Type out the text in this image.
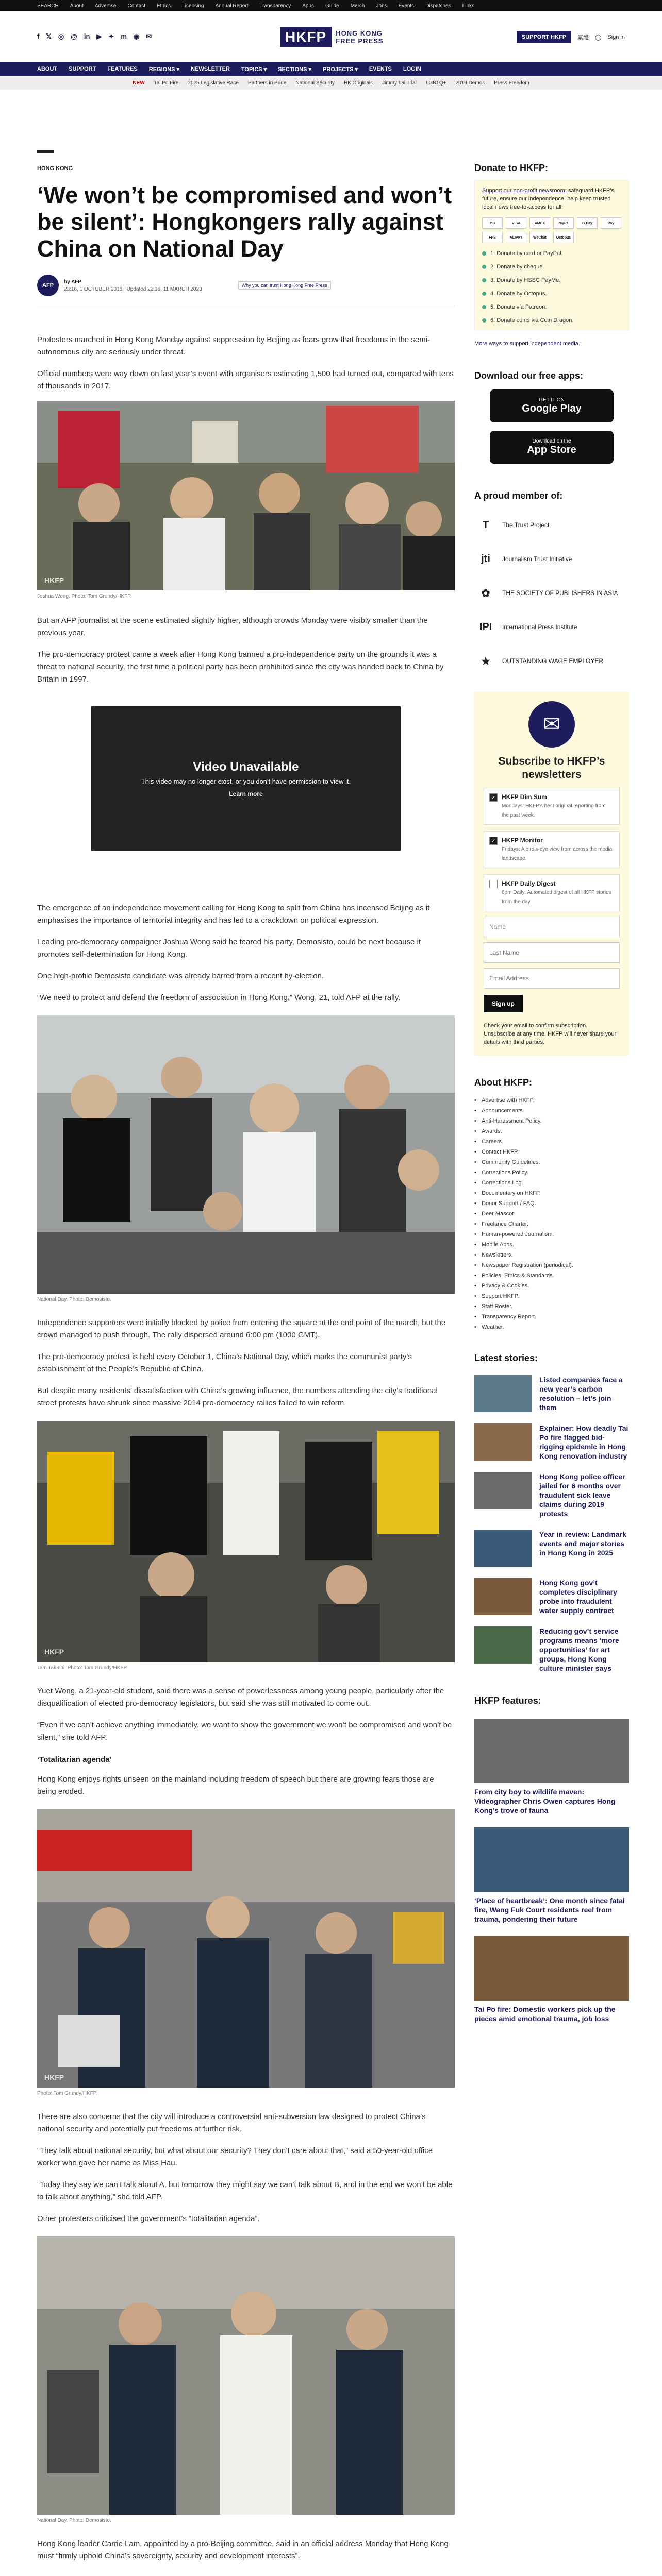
SEARCH About Advertise Contact Ethics Licensing Annual Report Transparency Apps Guide Merch Jobs Events Dispatches Links
f 𝕏 ◎ @ in ▶ ✦ m ◉ ✉	HKFP	HONG KONG
FREE PRESS	SUPPORT HKFP	繁體 ◯ Sign in
ABOUT SUPPORT FEATURES REGIONS ▾ NEWSLETTER TOPICS ▾ SECTIONS ▾ PROJECTS ▾ EVENTS LOGIN
NEW Tai Po Fire 2025 Legislative Race Partners in Pride National Security HK Originals Jimmy Lai Trial LGBTQ+ 2019 Demos Press Freedom
HONG KONG
‘We won’t be compromised and won’t be silent’: Hongkongers rally against China on National Day
AFP
by AFP
23:16, 1 OCTOBER 2018 Updated 22:16, 11 MARCH 2023
Why you can trust Hong Kong Free Press

Protesters marched in Hong Kong Monday against suppression by Beijing as fears grow that freedoms in the semi-autonomous city are seriously under threat.

Official numbers were way down on last year’s event with organisers estimating 1,500 had turned out, compared with tens of thousands in 2017.

HKFP
Joshua Wong. Photo: Tom Grundy/HKFP.

But an AFP journalist at the scene estimated slightly higher, although crowds Monday were visibly smaller than the previous year.

The pro-democracy protest came a week after Hong Kong banned a pro-independence party on the grounds it was a threat to national security, the first time a political party has been prohibited since the city was handed back to China by Britain in 1997.

Video Unavailable
This video may no longer exist, or you don't have permission to view it.
Learn more

The emergence of an independence movement calling for Hong Kong to split from China has incensed Beijing as it emphasises the importance of territorial integrity and has led to a crackdown on political expression.

Leading pro-democracy campaigner Joshua Wong said he feared his party, Demosisto, could be next because it promotes self-determination for Hong Kong.

One high-profile Demosisto candidate was already barred from a recent by-election.

“We need to protect and defend the freedom of association in Hong Kong,” Wong, 21, told AFP at the rally.

National Day. Photo: Demosisto.

Independence supporters were initially blocked by police from entering the square at the end point of the march, but the crowd managed to push through. The rally dispersed around 6:00 pm (1000 GMT).

The pro-democracy protest is held every October 1, China’s National Day, which marks the communist party’s establishment of the People’s Republic of China.

But despite many residents’ dissatisfaction with China’s growing influence, the numbers attending the city’s traditional street protests have shrunk since massive 2014 pro-democracy rallies failed to win reform.

HKFP
Tam Tak-chi. Photo: Tom Grundy/HKFP.

Yuet Wong, a 21-year-old student, said there was a sense of powerlessness among young people, particularly after the disqualification of elected pro-democracy legislators, but said she was still motivated to come out.

“Even if we can’t achieve anything immediately, we want to show the government we won’t be compromised and won’t be silent,” she told AFP.

‘Totalitarian agenda’

Hong Kong enjoys rights unseen on the mainland including freedom of speech but there are growing fears those are being eroded.

HKFP
Photo: Tom Grundy/HKFP.

There are also concerns that the city will introduce a controversial anti-subversion law designed to protect China’s national security and potentially put freedoms at further risk.

“They talk about national security, but what about our security? They don’t care about that,” said a 50-year-old office worker who gave her name as Miss Hau.

“Today they say we can’t talk about A, but tomorrow they might say we can’t talk about B, and in the end we won’t be able to talk about anything,” she told AFP.

Other protesters criticised the government’s “totalitarian agenda”.

National Day. Photo: Demosisto.

Hong Kong leader Carrie Lam, appointed by a pro-Beijing committee, said in an official address Monday that Hong Kong must “firmly uphold China’s sovereignty, security and development interests”.

Donate to HKFP:
Support our non-profit newsroom: safeguard HKFP’s future, ensure our independence, help keep trusted local news free-to-access for all.
MC	VISA	AMEX	PayPal	G Pay	Pay
FPS	ALIPAY	WeChat	Octopus
1. Donate by card or PayPal.
2. Donate by cheque.
3. Donate by HSBC PayMe.
4. Donate by Octopus.
5. Donate via Patreon.
6. Donate coins via Coin Dragon.
More ways to support independent media.
Download our free apps:
GET IT ON
Google Play
Download on the
App Store
A proud member of:
T	The Trust Project
jti	Journalism Trust Initiative
✿	THE SOCIETY OF PUBLISHERS IN ASIA
IPI	International Press Institute
★	OUTSTANDING WAGE EMPLOYER
✉
Subscribe to HKFP’s newsletters
✓ HKFP Dim Sum
Mondays: HKFP’s best original reporting from the past week.
✓ HKFP Monitor
Fridays: A bird’s-eye view from across the media landscape.
HKFP Daily Digest
6pm Daily: Automated digest of all HKFP stories from the day.
Name Last Name Email Address Sign up
Check your email to confirm subscription. Unsubscribe at any time. HKFP will never share your details with third parties.
About HKFP:
• Advertise with HKFP.
• Announcements.
• Anti-Harassment Policy.
• Awards.
• Careers.
• Contact HKFP.
• Community Guidelines.
• Corrections Policy.
• Corrections Log.
• Documentary on HKFP.
• Donor Support / FAQ.
• Deer Mascot.
• Freelance Charter.
• Human-powered Journalism.
• Mobile Apps.
• Newsletters.
• Newspaper Registration (periodical).
• Policies, Ethics & Standards.
• Privacy & Cookies.
• Support HKFP.
• Staff Roster.
• Transparency Report.
• Weather.
Latest stories:
Listed companies face a new year’s carbon resolution – let’s join them
Explainer: How deadly Tai Po fire flagged bid-rigging epidemic in Hong Kong renovation industry
Hong Kong police officer jailed for 6 months over fraudulent sick leave claims during 2019 protests
Year in review: Landmark events and major stories in Hong Kong in 2025
Hong Kong gov’t completes disciplinary probe into fraudulent water supply contract
Reducing gov’t service programs means ‘more opportunities’ for art groups, Hong Kong culture minister says
HKFP features:
From city boy to wildlife maven: Videographer Chris Owen captures Hong Kong’s trove of fauna
‘Place of heartbreak’: One month since fatal fire, Wang Fuk Court residents reel from trauma, pondering their future
Tai Po fire: Domestic workers pick up the pieces amid emotional trauma, job loss
